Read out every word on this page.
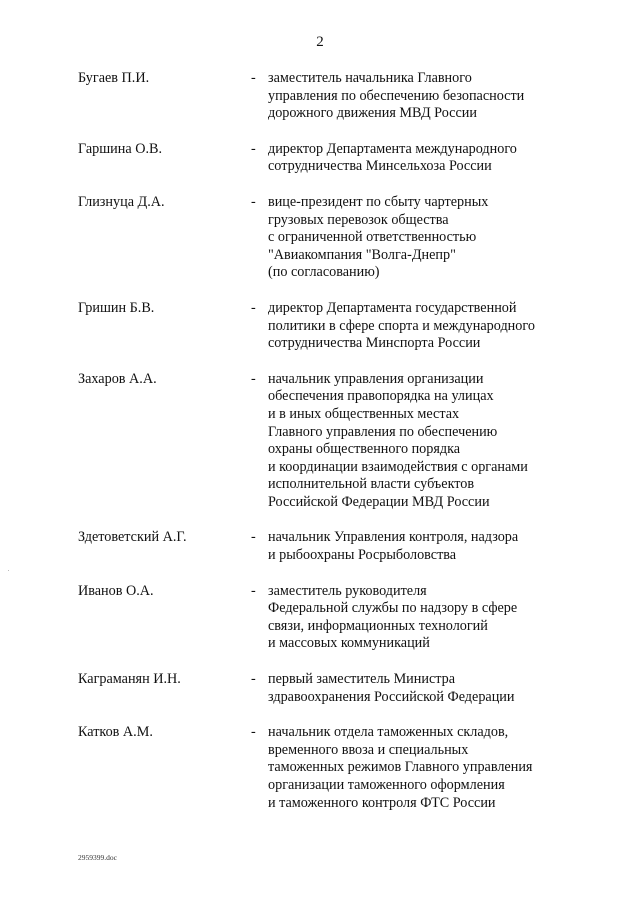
2
Бугаев П.И.	- заместитель начальника Главного
управления по обеспечению безопасности
дорожного движения МВД России
Гаршина О.В.	- директор Департамента международного
сотрудничества Минсельхоза России
Глизнуца Д.А.	- вице-президент по сбыту чартерных
грузовых перевозок общества
с ограниченной ответственностью
"Авиакомпания "Волга-Днепр"
(по согласованию)
Гришин Б.В.	- директор Департамента государственной
политики в сфере спорта и международного
сотрудничества Минспорта России
Захаров А.А.	- начальник управления организации
обеспечения правопорядка на улицах
и в иных общественных местах
Главного управления по обеспечению
охраны общественного порядка
и координации взаимодействия с органами
исполнительной власти субъектов
Российской Федерации МВД России
Здетоветский А.Г.	- начальник Управления контроля, надзора
и рыбоохраны Росрыболовства
Иванов О.А.	- заместитель руководителя
Федеральной службы по надзору в сфере
связи, информационных технологий
и массовых коммуникаций
Каграманян И.Н.	- первый заместитель Министра
здравоохранения Российской Федерации
Катков А.М.	- начальник отдела таможенных складов,
временного ввоза и специальных
таможенных режимов Главного управления
организации таможенного оформления
и таможенного контроля ФТС России
2959399.doc
